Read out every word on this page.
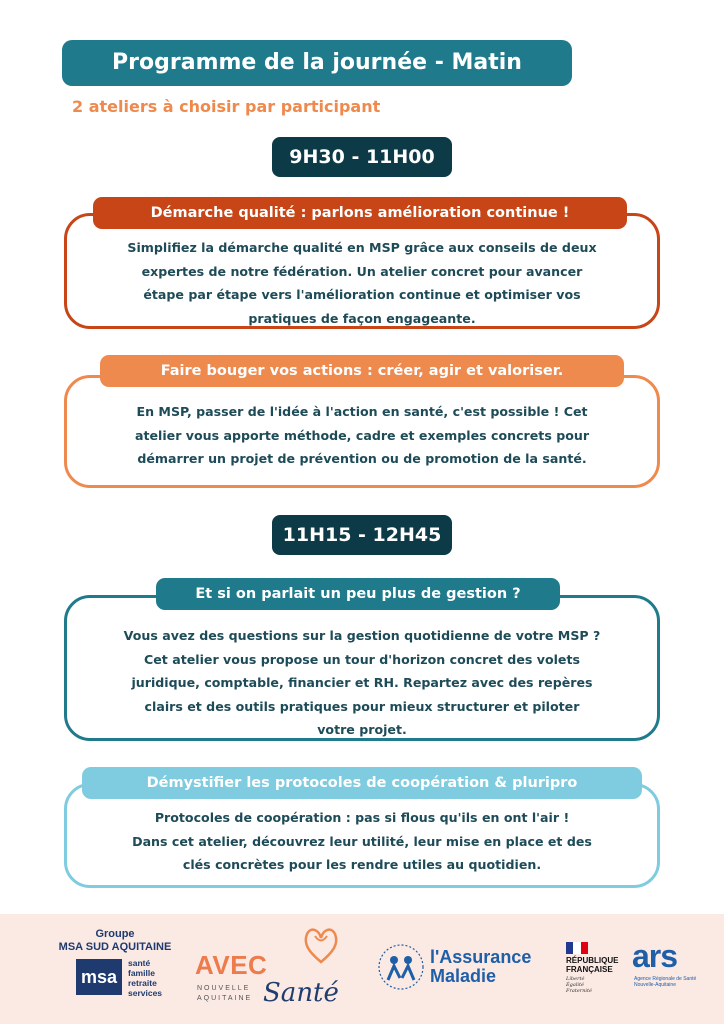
Programme de la journée - Matin
2 ateliers à choisir par participant
9H30 - 11H00
Simplifiez la démarche qualité en MSP grâce aux conseils de deux
expertes de notre fédération. Un atelier concret pour avancer
étape par étape vers l'amélioration continue et optimiser vos
pratiques de façon engageante.
Démarche qualité : parlons amélioration continue !
En MSP, passer de l'idée à l'action en santé, c'est possible ! Cet
atelier vous apporte méthode, cadre et exemples concrets pour
démarrer un projet de prévention ou de promotion de la santé.
Faire bouger vos actions : créer, agir et valoriser.
11H15 - 12H45
Vous avez des questions sur la gestion quotidienne de votre MSP ?
Cet atelier vous propose un tour d'horizon concret des volets
juridique, comptable, financier et RH. Repartez avec des repères
clairs et des outils pratiques pour mieux structurer et piloter
votre projet.
Et si on parlait un peu plus de gestion ?
Protocoles de coopération : pas si flous qu'ils en ont l'air !
Dans cet atelier, découvrez leur utilité, leur mise en place et des
clés concrètes pour les rendre utiles au quotidien.
Démystifier les protocoles de coopération & pluripro
Groupe
MSA SUD AQUITAINE
msa
santé
famille
retraite
services
AVEC
NOUVELLE
AQUITAINE Santé
l'Assurance
Maladie
RÉPUBLIQUE
FRANÇAISE
Liberté
Égalité
Fraternité
ars
Agence Régionale de Santé
Nouvelle-Aquitaine
